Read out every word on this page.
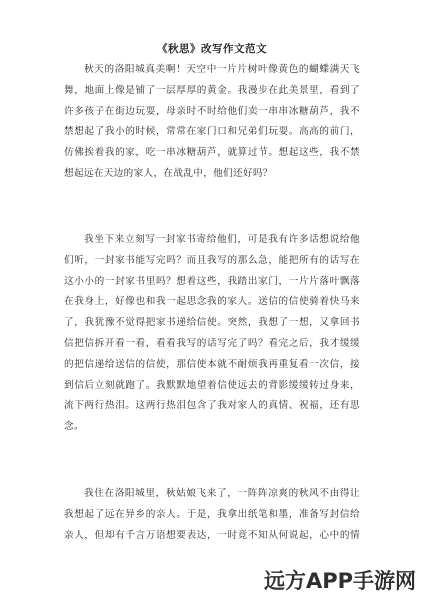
《秋思》改写作文范文
秋天的洛阳城真美啊！天空中一片片树叶像黄色的蝴蝶满天飞
舞，地面上像是铺了一层厚厚的黄金。我漫步在此美景里，看到了
许多孩子在街边玩耍，母亲时不时给他们卖一串串冰糖葫芦，我不
禁想起了我小的时候，常常在家门口和兄弟们玩耍。高高的前门，
仿佛挨着我的家，吃一串冰糖葫芦，就算过节。想起这些，我不禁
想起远在天边的家人，在战乱中，他们还好吗？
我坐下来立刻写一封家书寄给他们，可是我有许多话想说给他
们听，一封家书能写完吗？而且我写的那么急，能把所有的话写在
这小小的一封家书里吗？想着这些，我踏出家门，一片片落叶飘落
在我身上，好像也和我一起思念我的家人。送信的信使骑着快马来
了，我犹豫不觉得把家书递给信使。突然，我想了一想，又拿回书
信把信拆开看一看，看看我写的话写完了吗？看完之后，我才缓缓
的把信递给送信的信使，那信使本就不耐烦我再重复看一次信，接
到信后立刻就跑了。我默默地望着信使远去的背影缓缓转过身来，
流下两行热泪。这两行热泪包含了我对家人的真情、祝福，还有思
念。
我住在洛阳城里，秋姑娘飞来了，一阵阵凉爽的秋风不由得让
我想起了远在异乡的亲人。于是，我拿出纸笔和墨，准备写封信给
亲人，但却有千言万语想要表达，一时竟不知从何说起，心中的情
远方APP手游网
